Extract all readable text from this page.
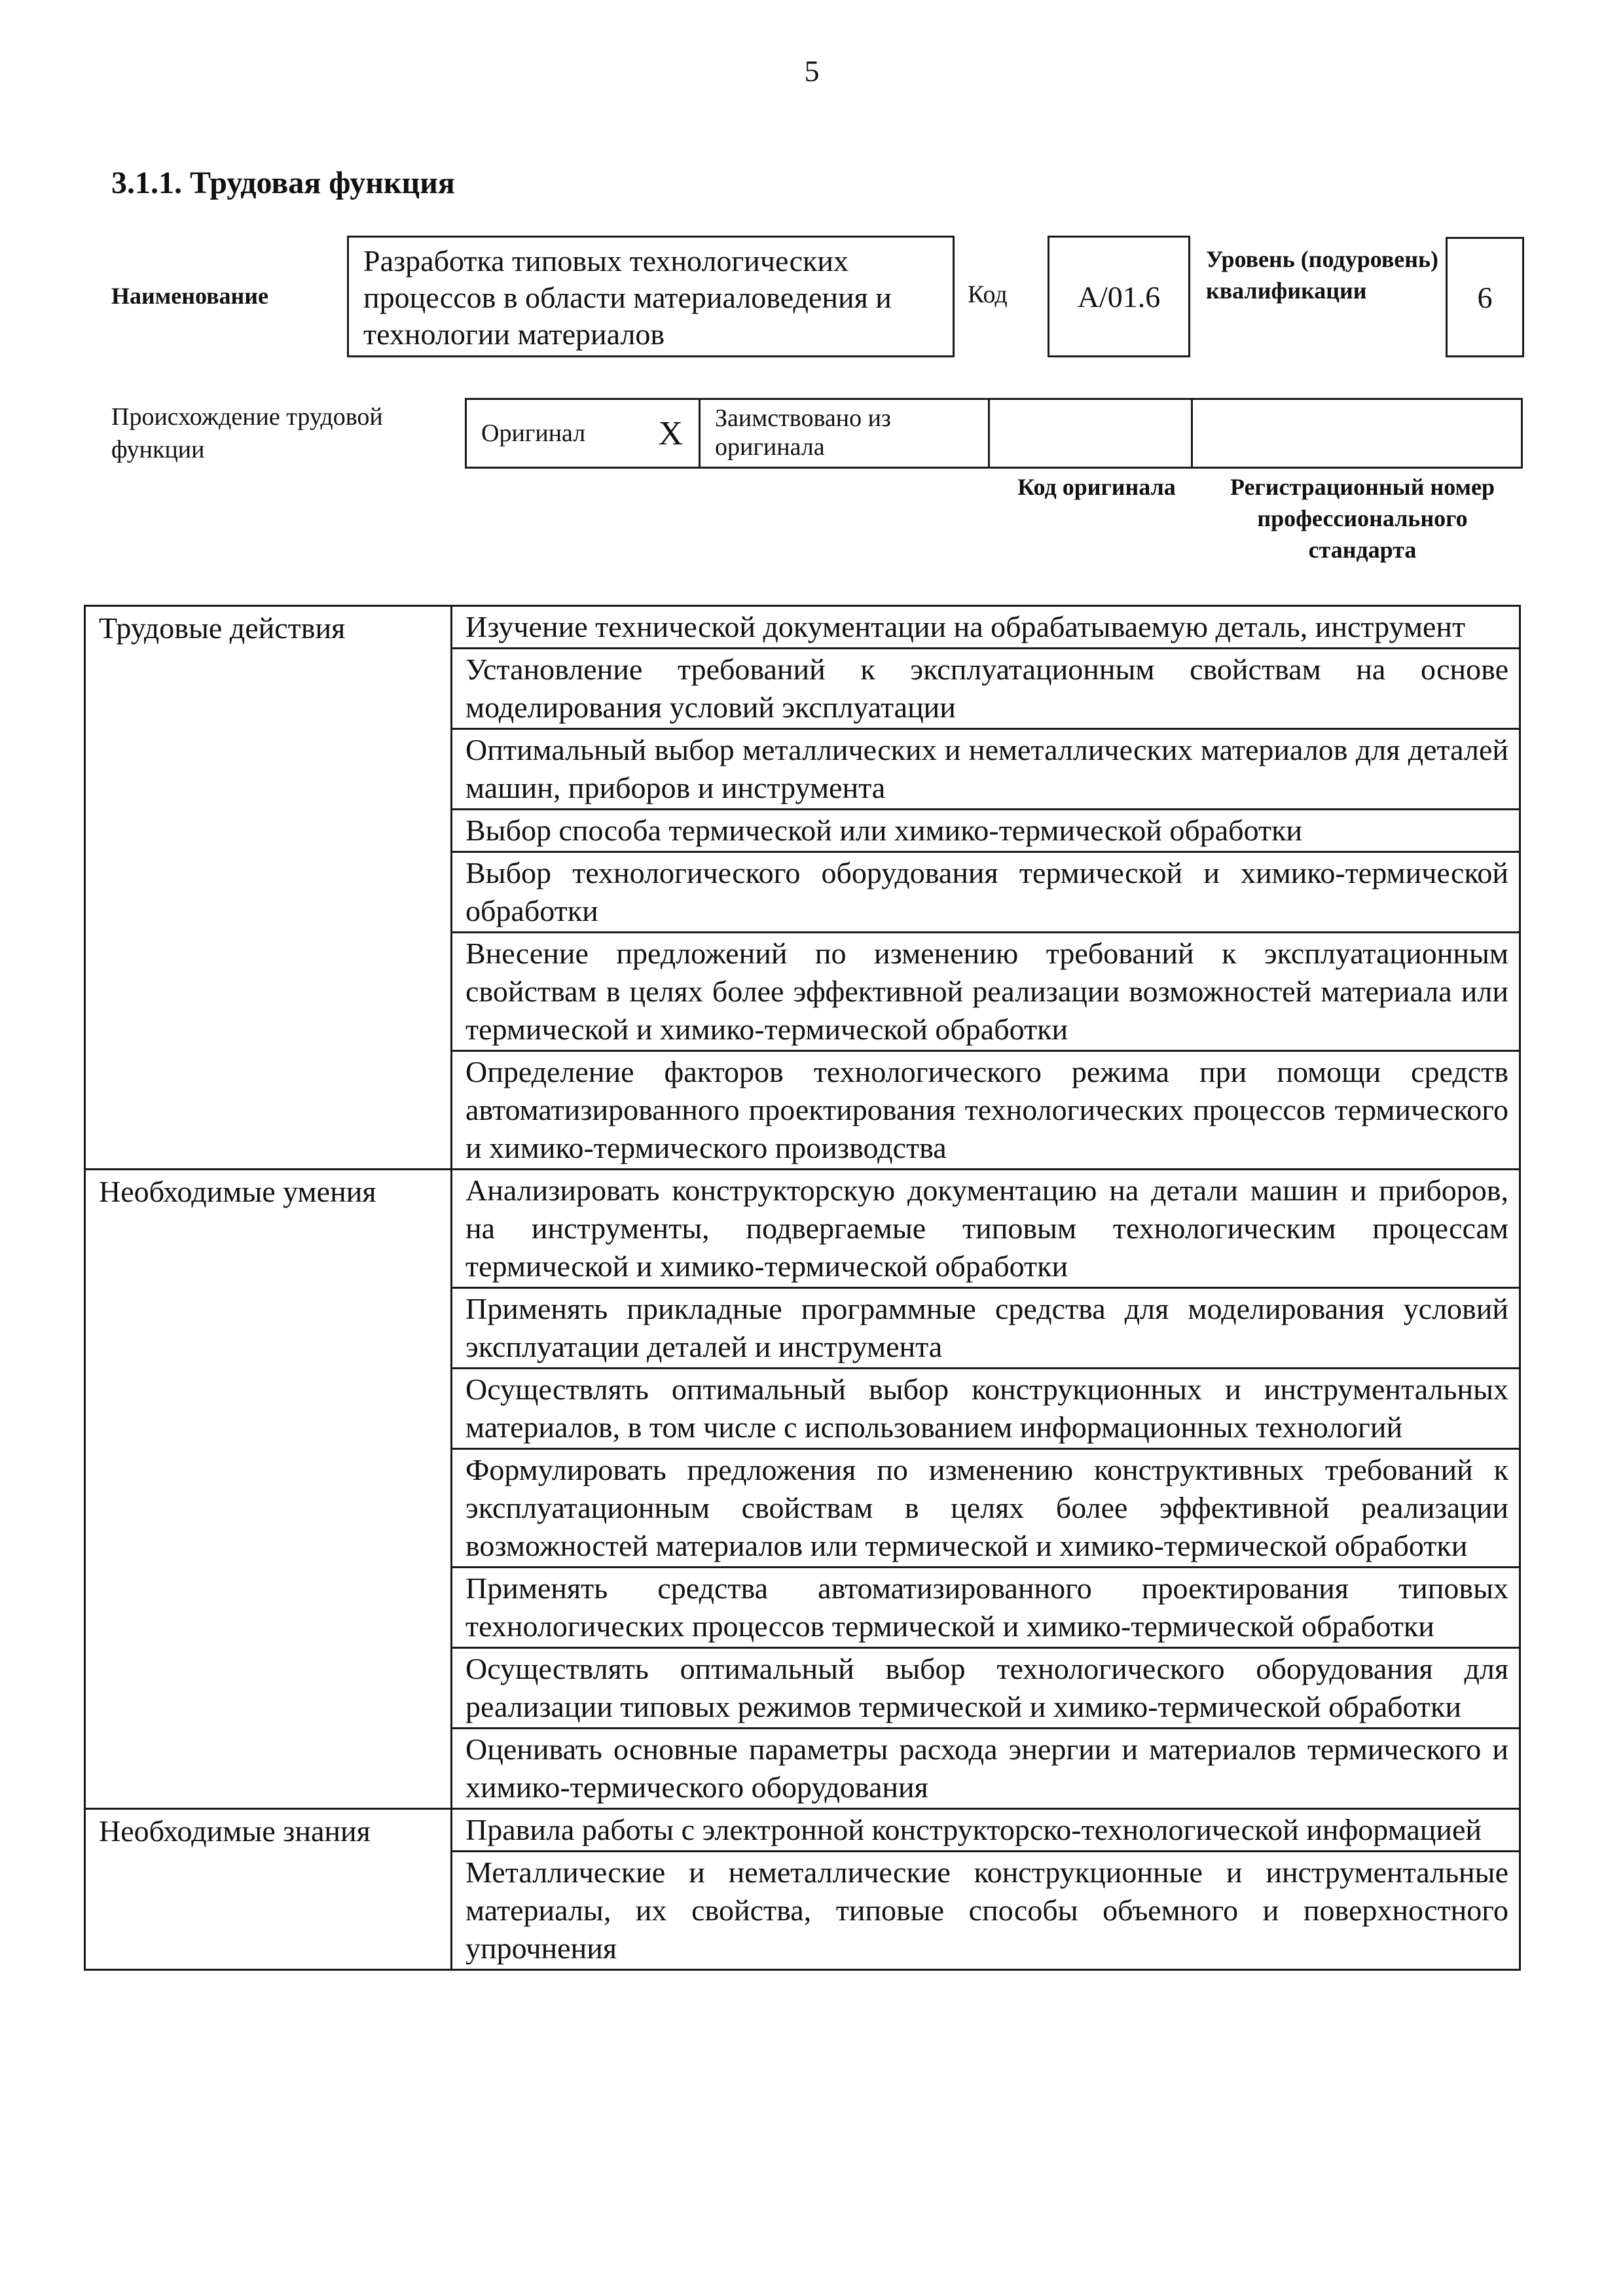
5
3.1.1. Трудовая функция
Наименование
Разработка типовых технологических процессов в области материаловедения и технологии материалов
Код	A/01.6
Уровень (подуровень) квалификации	6
Происхождение трудовой функции
Оригинал X	Заимствовано из оригинала
Код оригинала	Регистрационный номер профессионального стандарта
Трудовые действия	Изучение технической документации на обрабатываемую деталь, инструмент
	Установление требований к эксплуатационным свойствам на основе моделирования условий эксплуатации
	Оптимальный выбор металлических и неметаллических материалов для деталей машин, приборов и инструмента
	Выбор способа термической или химико-термической обработки
	Выбор технологического оборудования термической и химико-термической обработки
	Внесение предложений по изменению требований к эксплуатационным свойствам в целях более эффективной реализации возможностей материала или термической и химико-термической обработки
	Определение факторов технологического режима при помощи средств автоматизированного проектирования технологических процессов термического и химико-термического производства
Необходимые умения	Анализировать конструкторскую документацию на детали машин и приборов, на инструменты, подвергаемые типовым технологическим процессам термической и химико-термической обработки
	Применять прикладные программные средства для моделирования условий эксплуатации деталей и инструмента
	Осуществлять оптимальный выбор конструкционных и инструментальных материалов, в том числе с использованием информационных технологий
	Формулировать предложения по изменению конструктивных требований к эксплуатационным свойствам в целях более эффективной реализации возможностей материалов или термической и химико-термической обработки
	Применять средства автоматизированного проектирования типовых технологических процессов термической и химико-термической обработки
	Осуществлять оптимальный выбор технологического оборудования для реализации типовых режимов термической и химико-термической обработки
	Оценивать основные параметры расхода энергии и материалов термического и химико-термического оборудования
Необходимые знания	Правила работы с электронной конструкторско-технологической информацией
	Металлические и неметаллические конструкционные и инструментальные материалы, их свойства, типовые способы объемного и поверхностного упрочнения
